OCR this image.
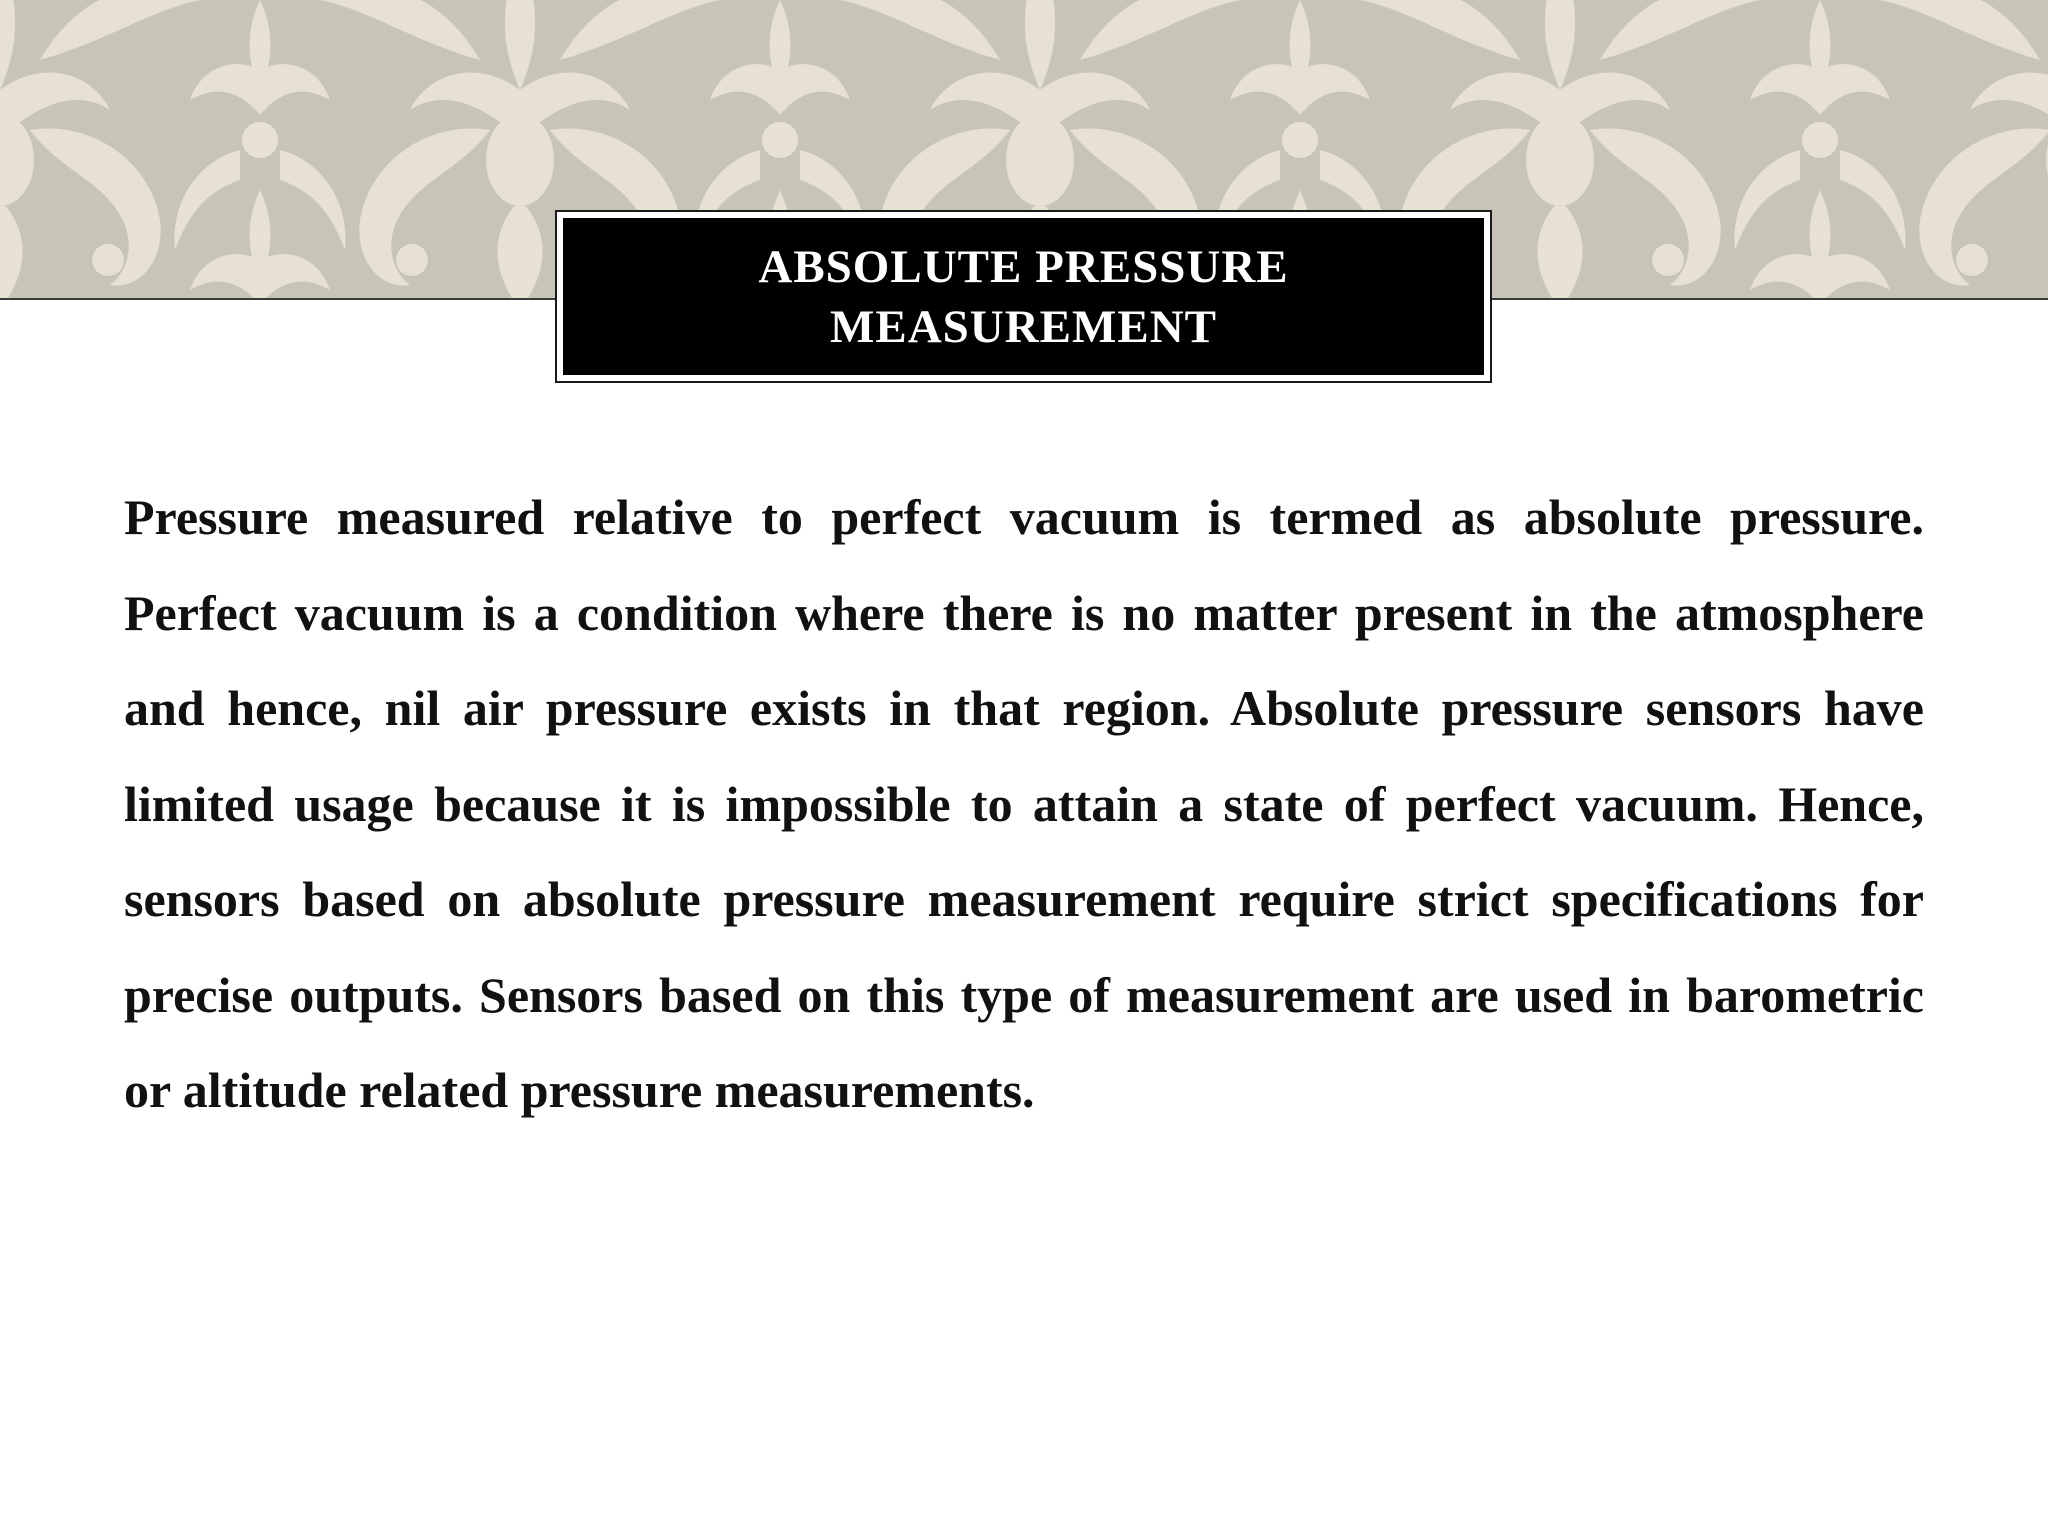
ABSOLUTE PRESSURE
MEASUREMENT

Pressure measured relative to perfect vacuum is termed as absolute pressure. Perfect vacuum is a condition where there is no matter present in the atmosphere and hence, nil air pressure exists in that region. Absolute pressure sensors have limited usage because it is impossible to attain a state of perfect vacuum. Hence, sensors based on absolute pressure measurement require strict specifications for precise outputs. Sensors based on this type of measurement are used in barometric or altitude related pressure measurements.
